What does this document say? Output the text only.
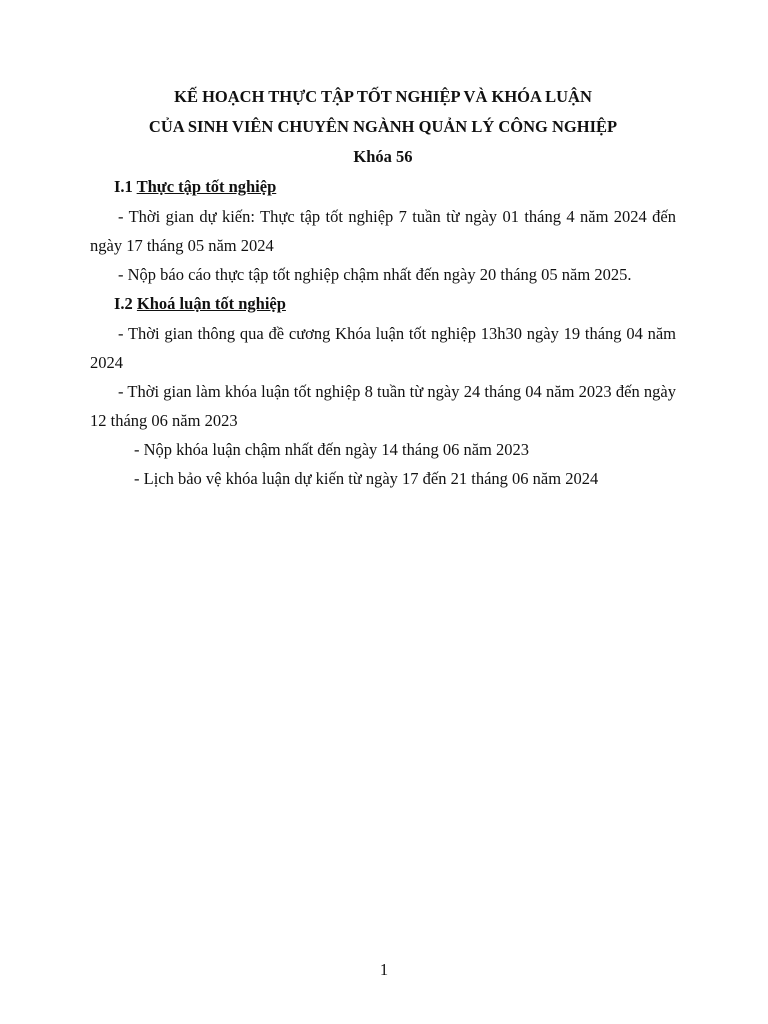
KẾ HOẠCH THỰC TẬP TỐT NGHIỆP VÀ KHÓA LUẬN

CỦA SINH VIÊN CHUYÊN NGÀNH QUẢN LÝ CÔNG NGHIỆP

Khóa 56

I.1 Thực tập tốt nghiệp

- Thời gian dự kiến: Thực tập tốt nghiệp 7 tuần từ ngày 01 tháng 4 năm 2024 đến ngày 17 tháng 05 năm 2024

- Nộp báo cáo thực tập tốt nghiệp chậm nhất đến ngày 20 tháng 05 năm 2025.

I.2 Khoá luận tốt nghiệp

- Thời gian thông qua đề cương Khóa luận tốt nghiệp 13h30 ngày 19 tháng 04 năm 2024

- Thời gian làm khóa luận tốt nghiệp 8 tuần từ ngày 24 tháng 04 năm 2023 đến ngày 12 tháng 06 năm 2023

- Nộp khóa luận chậm nhất đến ngày 14 tháng 06 năm 2023

- Lịch bảo vệ khóa luận dự kiến từ ngày 17 đến 21 tháng 06 năm 2024

1
